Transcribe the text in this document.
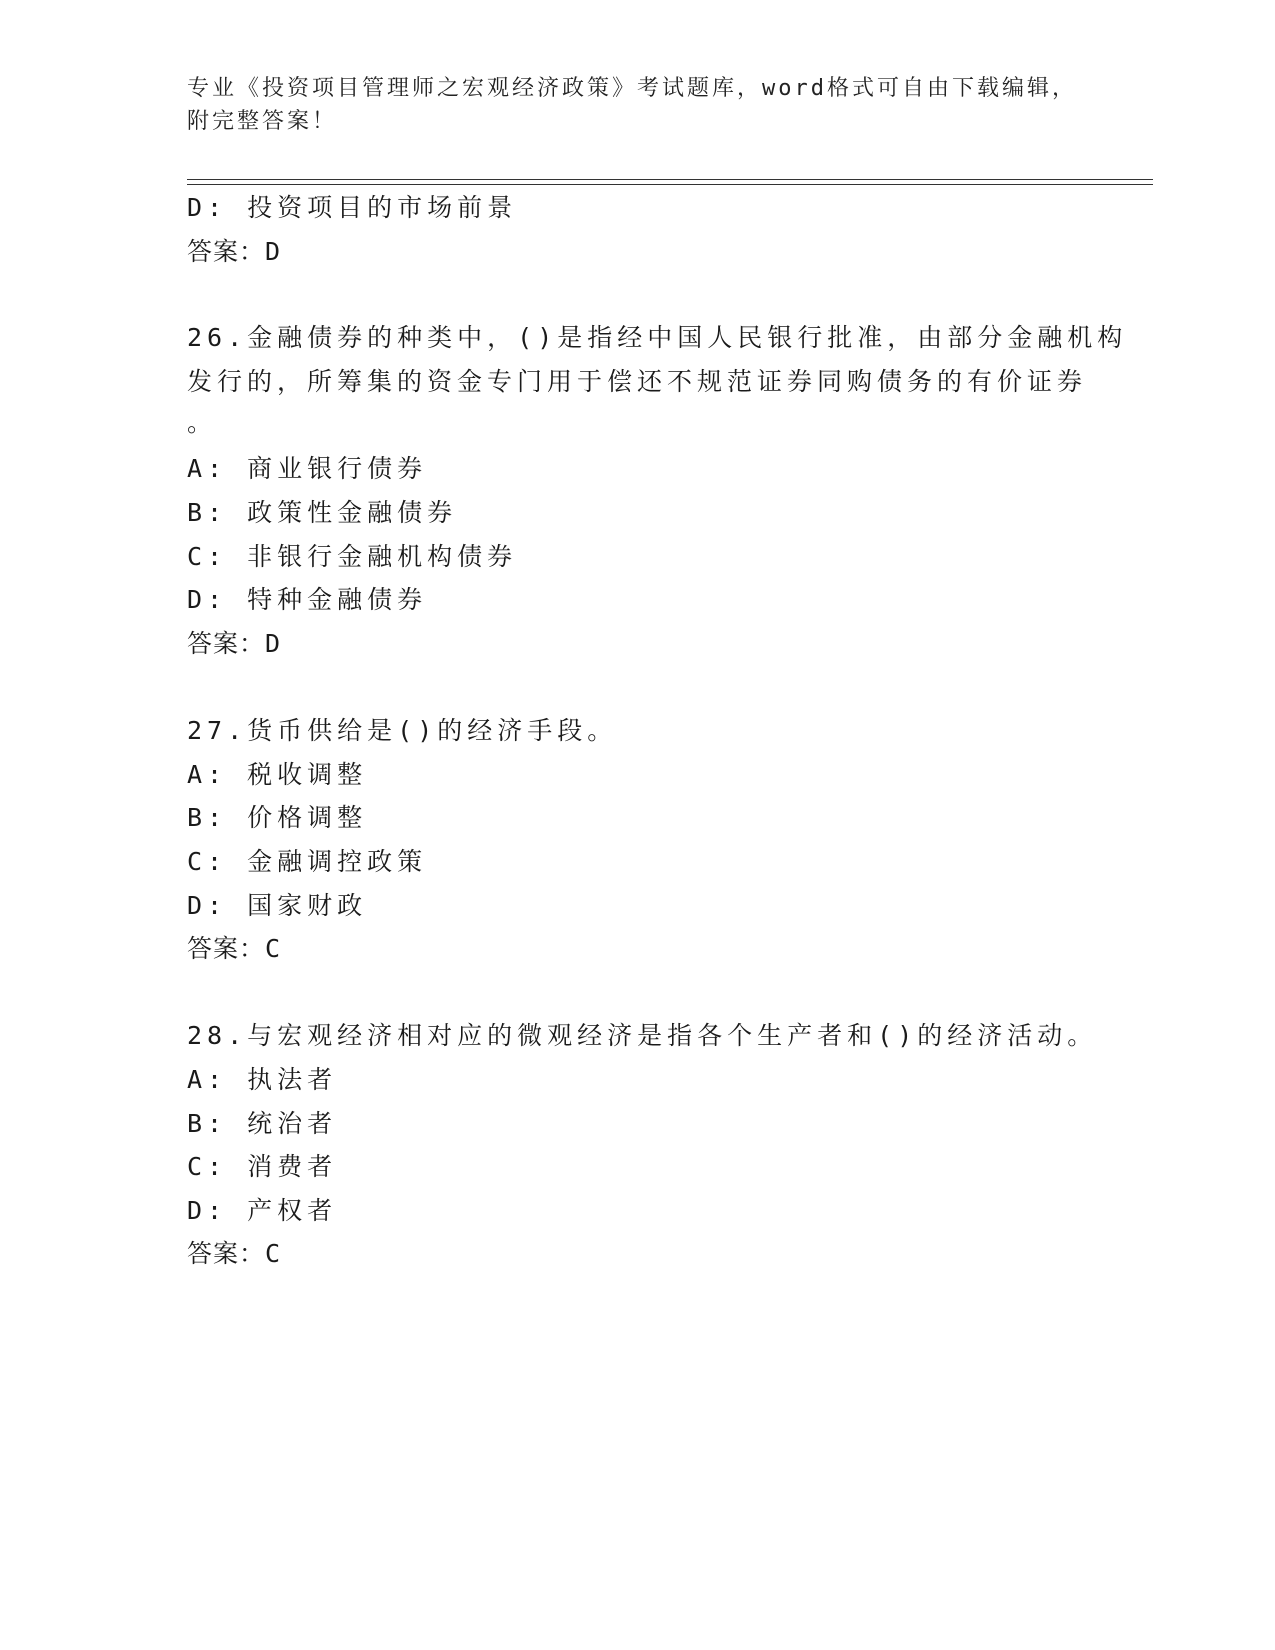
专业《投资项目管理师之宏观经济政策》考试题库，word格式可自由下载编辑，
附完整答案！
D: 投资项目的市场前景
答案：D
26.金融债券的种类中，()是指经中国人民银行批准，由部分金融机构
发行的，所筹集的资金专门用于偿还不规范证券同购债务的有价证券
。
A: 商业银行债券
B: 政策性金融债券
C: 非银行金融机构债券
D: 特种金融债券
答案：D
27.货币供给是()的经济手段。
A: 税收调整
B: 价格调整
C: 金融调控政策
D: 国家财政
答案：C
28.与宏观经济相对应的微观经济是指各个生产者和()的经济活动。
A: 执法者
B: 统治者
C: 消费者
D: 产权者
答案：C
